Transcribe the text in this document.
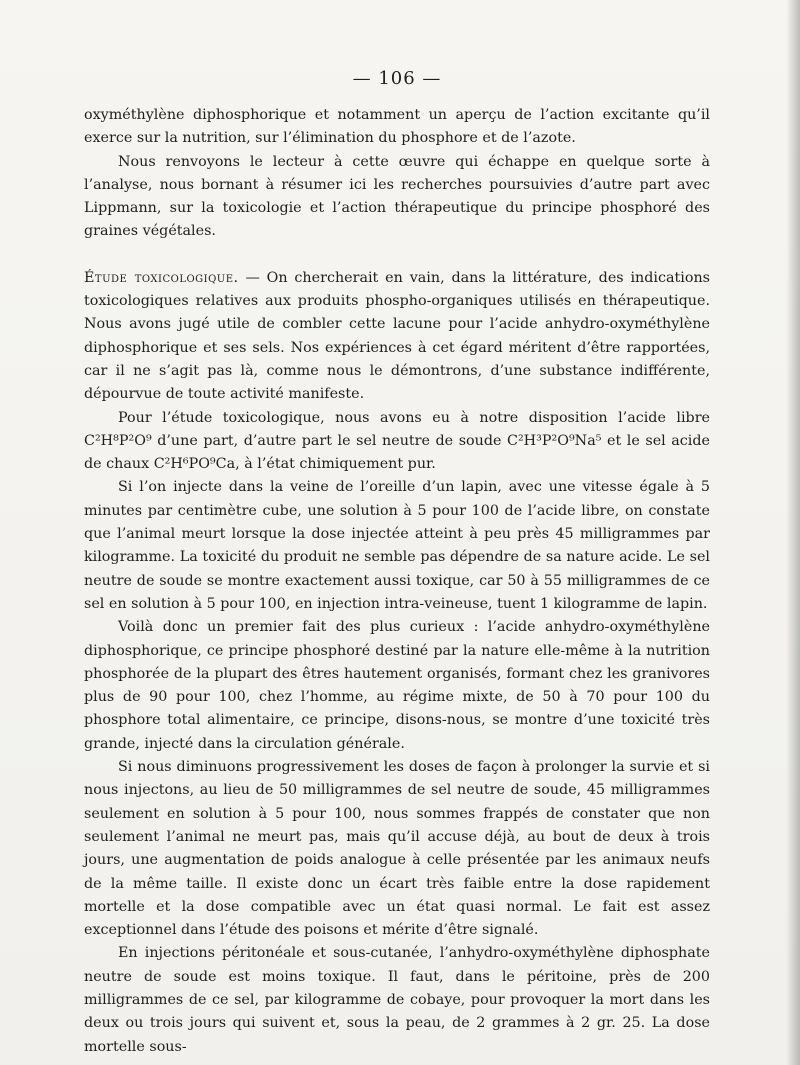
— 106 —

oxyméthylène diphosphorique et notamment un aperçu de l’action excitante qu’il exerce sur la nutrition, sur l’élimination du phosphore et de l’azote.

Nous renvoyons le lecteur à cette œuvre qui échappe en quelque sorte à l’analyse, nous bornant à résumer ici les recherches poursuivies d’autre part avec Lippmann, sur la toxicologie et l’action thérapeutique du principe phosphoré des graines végétales.

Étude toxicologique. — On chercherait en vain, dans la littérature, des indications toxicologiques relatives aux produits phospho-organiques utilisés en thérapeutique. Nous avons jugé utile de combler cette lacune pour l’acide anhydro-oxyméthylène diphosphorique et ses sels. Nos expériences à cet égard méritent d’être rapportées, car il ne s’agit pas là, comme nous le démontrons, d’une substance indifférente, dépourvue de toute activité manifeste.

Pour l’étude toxicologique, nous avons eu à notre disposition l’acide libre C²H⁸P²O⁹ d’une part, d’autre part le sel neutre de soude C²H³P²O⁹Na⁵ et le sel acide de chaux C²H⁶PO⁹Ca, à l’état chimiquement pur.

Si l’on injecte dans la veine de l’oreille d’un lapin, avec une vitesse égale à 5 minutes par centimètre cube, une solution à 5 pour 100 de l’acide libre, on constate que l’animal meurt lorsque la dose injectée atteint à peu près 45 milligrammes par kilogramme. La toxicité du produit ne semble pas dépendre de sa nature acide. Le sel neutre de soude se montre exactement aussi toxique, car 50 à 55 milligrammes de ce sel en solution à 5 pour 100, en injection intra-veineuse, tuent 1 kilogramme de lapin.

Voilà donc un premier fait des plus curieux : l’acide anhydro-oxyméthylène diphosphorique, ce principe phosphoré destiné par la nature elle-même à la nutrition phosphorée de la plupart des êtres hautement organisés, formant chez les granivores plus de 90 pour 100, chez l’homme, au régime mixte, de 50 à 70 pour 100 du phosphore total alimentaire, ce principe, disons-nous, se montre d’une toxicité très grande, injecté dans la circulation générale.

Si nous diminuons progressivement les doses de façon à prolonger la survie et si nous injectons, au lieu de 50 milligrammes de sel neutre de soude, 45 milligrammes seulement en solution à 5 pour 100, nous sommes frappés de constater que non seulement l’animal ne meurt pas, mais qu’il accuse déjà, au bout de deux à trois jours, une augmentation de poids analogue à celle présentée par les animaux neufs de la même taille. Il existe donc un écart très faible entre la dose rapidement mortelle et la dose compatible avec un état quasi normal. Le fait est assez exceptionnel dans l’étude des poisons et mérite d’être signalé.

En injections péritonéale et sous-cutanée, l’anhydro-oxyméthylène diphosphate neutre de soude est moins toxique. Il faut, dans le péritoine, près de 200 milligrammes de ce sel, par kilogramme de cobaye, pour provoquer la mort dans les deux ou trois jours qui suivent et, sous la peau, de 2 grammes à 2 gr. 25. La dose mortelle sous-
